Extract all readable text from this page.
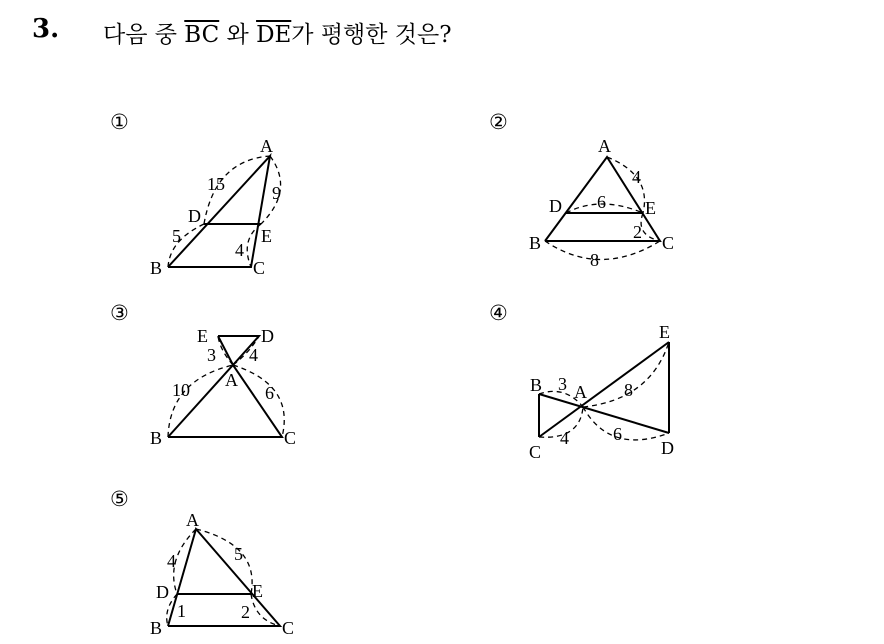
3. 다음 중 $\overline{BC}$ 와 $\overline{DE}$가 평행한 것은?
①	②
③	④
⑤
A
B	C
D
E
15
5
9
4
A
B	C
D	E
4
6
2
8
E	D
A
B	C
3 4
10	6	B A
C
E
D
3	8
4 6
A
B	C
D	E
4	5
1	2
